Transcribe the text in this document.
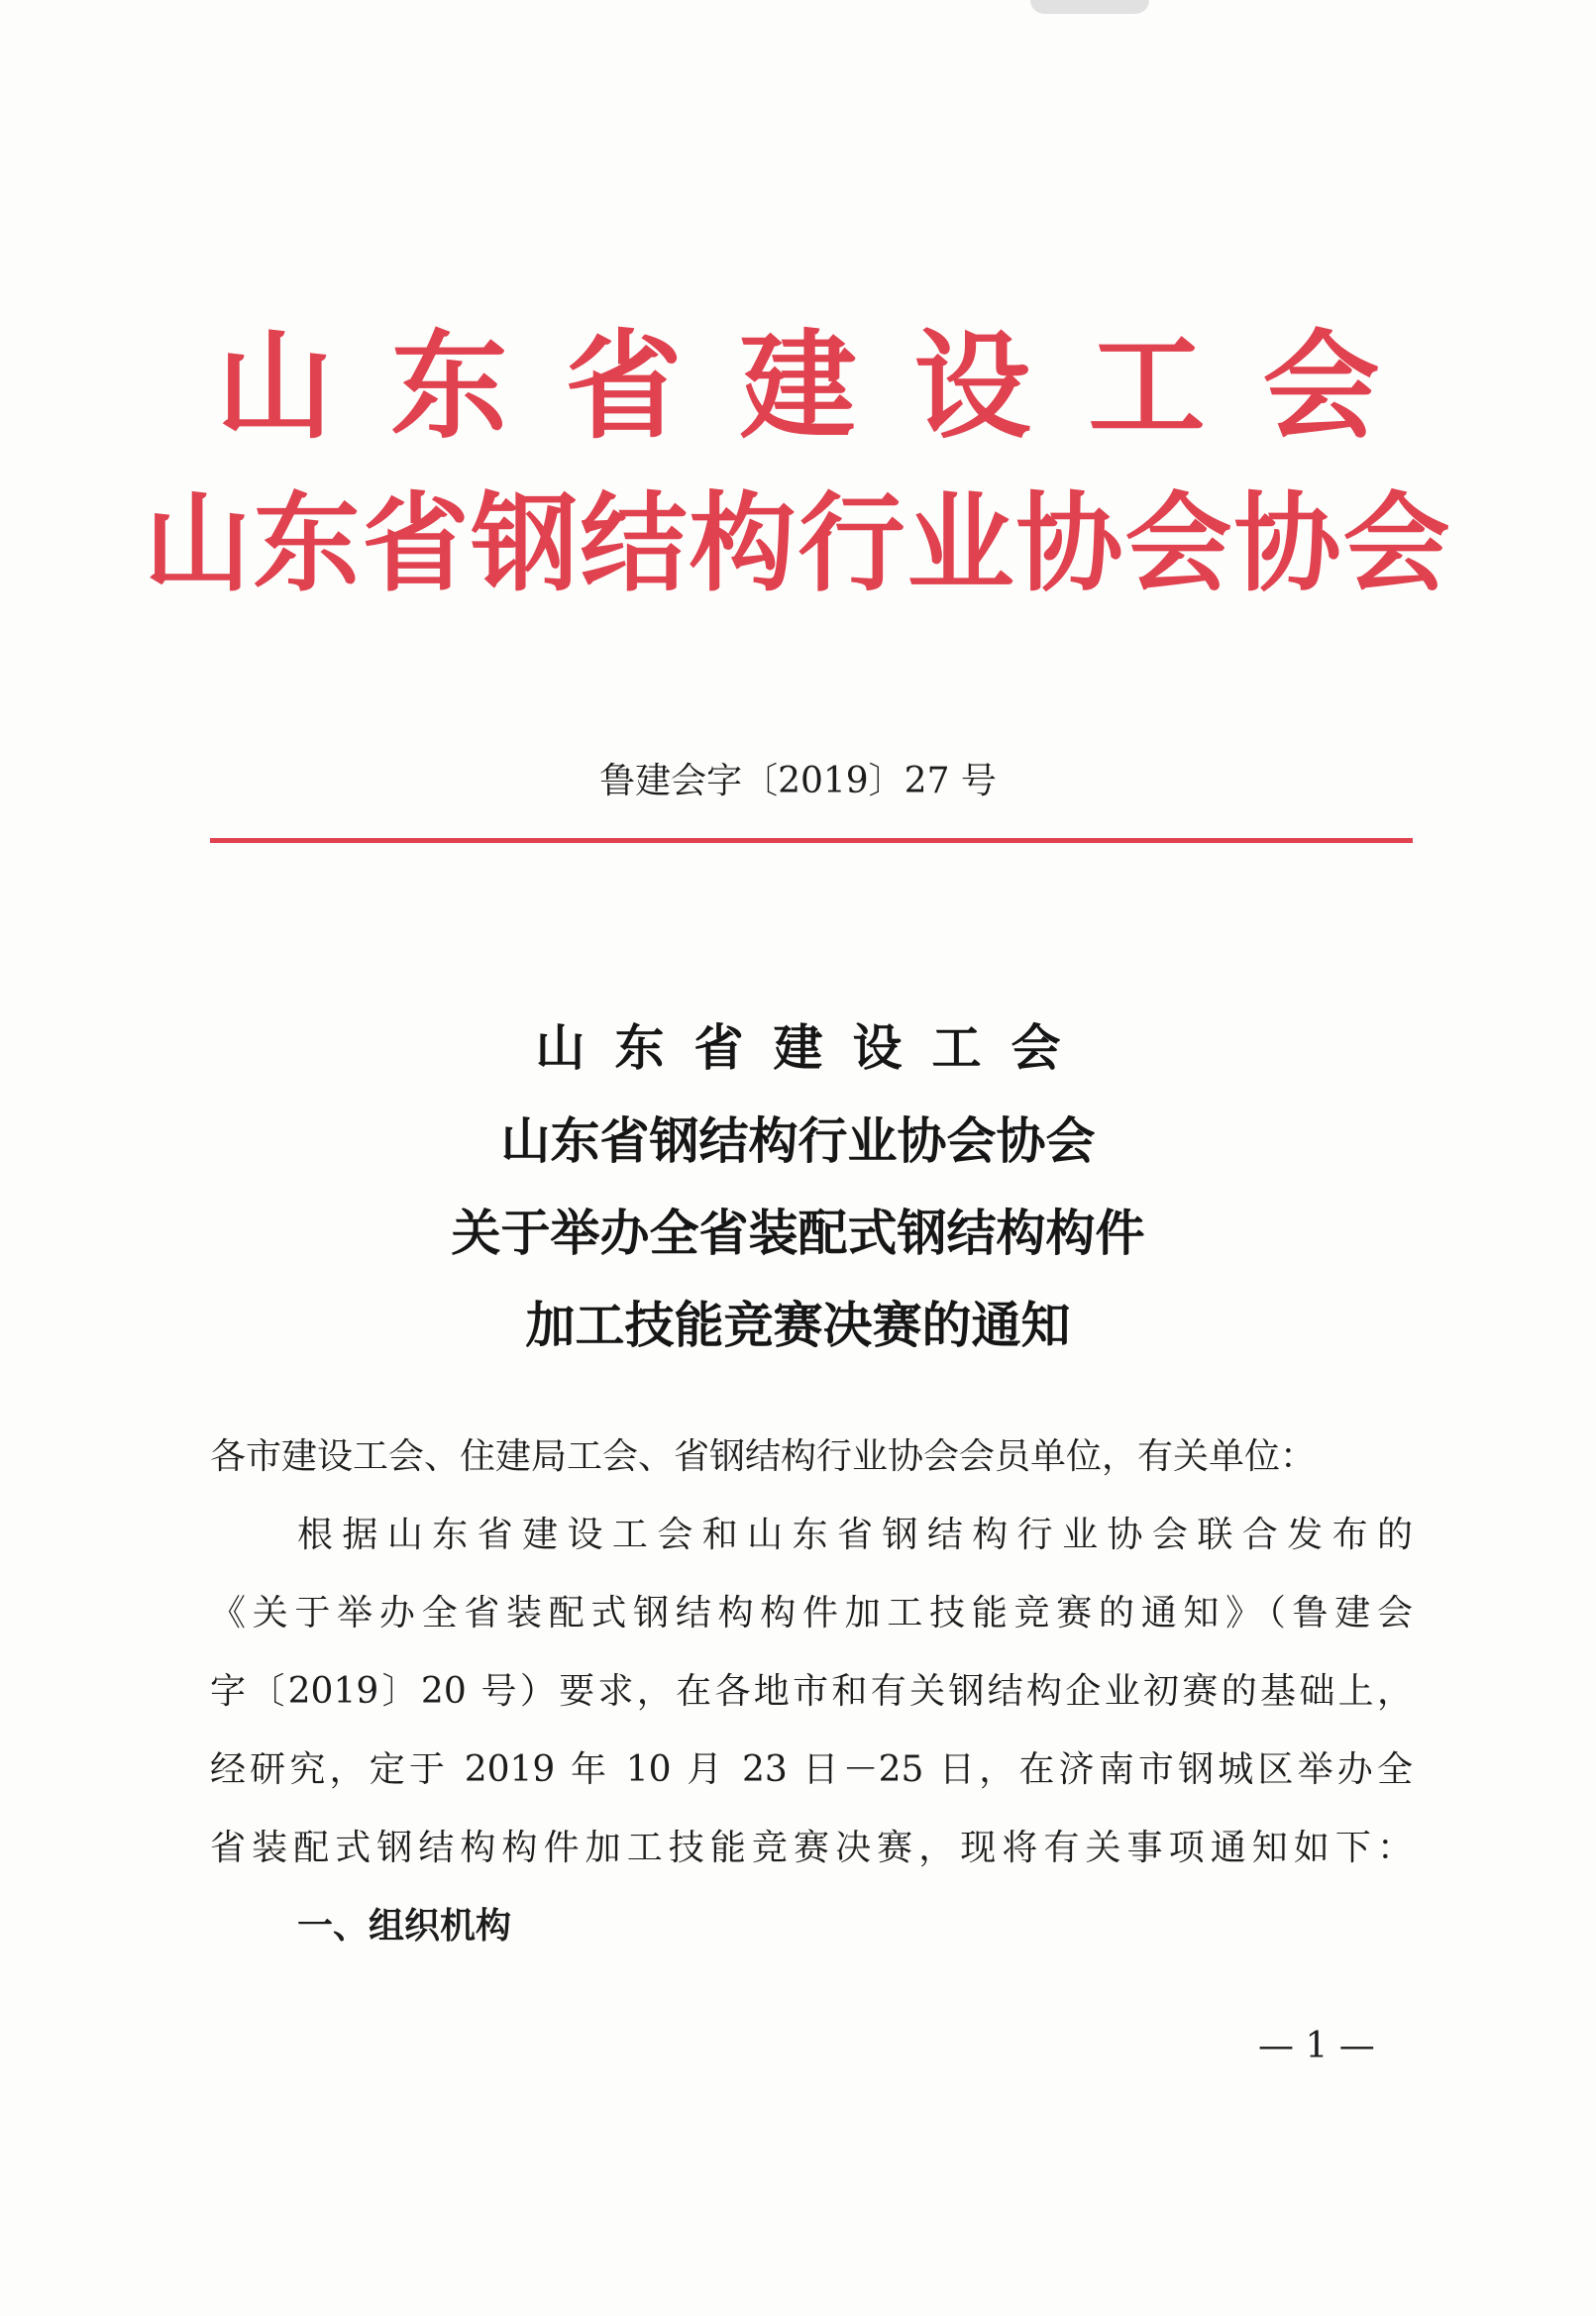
山东省建设工会
山东省钢结构行业协会协会
鲁建会字〔2019〕27 号
山东省建设工会
山东省钢结构行业协会协会
关于举办全省装配式钢结构构件
加工技能竞赛决赛的通知
各市建设工会、住建局工会、省钢结构行业协会会员单位，有关单位：
根据山东省建设工会和山东省钢结构行业协会联合发布的
《关于举办全省装配式钢结构构件加工技能竞赛的通知》（鲁建会
字〔2019〕20 号）要求，在各地市和有关钢结构企业初赛的基础上，
经研究，定于 2019 年 10 月 23 日－25 日，在济南市钢城区举办全
省装配式钢结构构件加工技能竞赛决赛，现将有关事项通知如下：
一、组织机构
— 1 —
